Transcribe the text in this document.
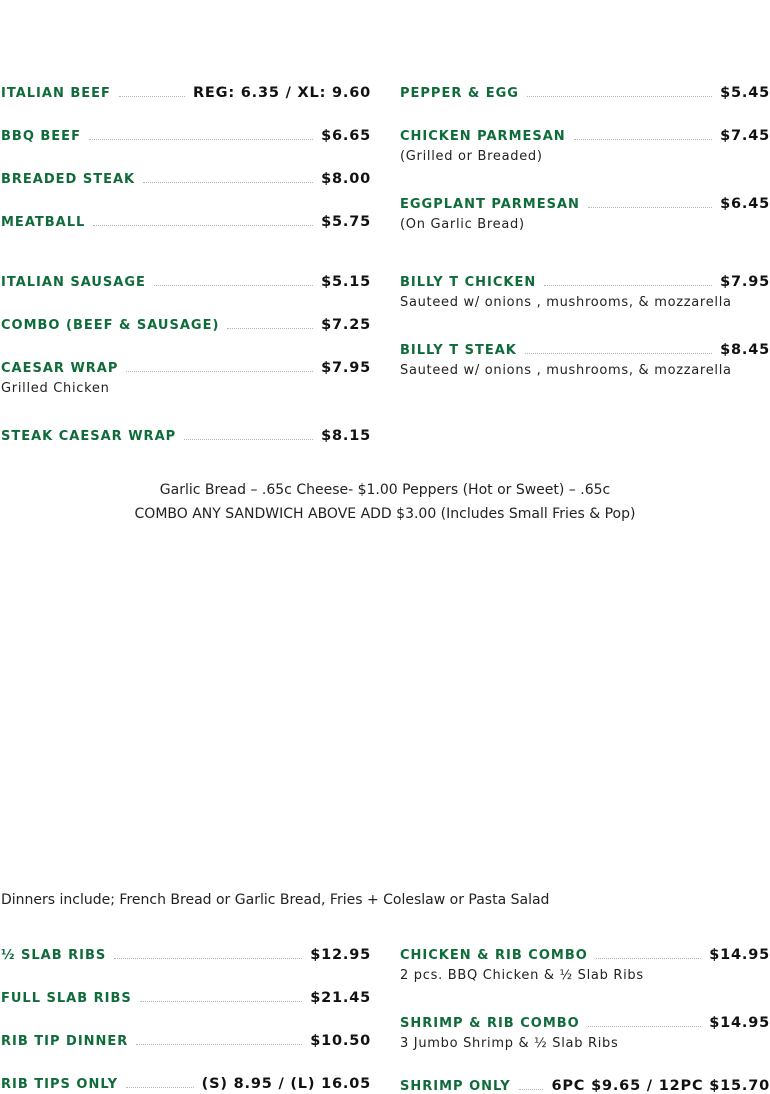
ITALIAN BEEF	REG: 6.35 / XL: 9.60
BBQ BEEF	$6.65
BREADED STEAK	$8.00
MEATBALL	$5.75
ITALIAN SAUSAGE	$5.15
COMBO (BEEF & SAUSAGE)	$7.25
CAESAR WRAP	$7.95
Grilled Chicken
STEAK CAESAR WRAP	$8.15
PEPPER & EGG	$5.45
CHICKEN PARMESAN	$7.45
(Grilled or Breaded)
EGGPLANT PARMESAN	$6.45
(On Garlic Bread)
BILLY T CHICKEN	$7.95
Sauteed w/ onions , mushrooms, & mozzarella
BILLY T STEAK	$8.45
Sauteed w/ onions , mushrooms, & mozzarella
Garlic Bread – .65c Cheese- $1.00 Peppers (Hot or Sweet) – .65c
COMBO ANY SANDWICH ABOVE ADD $3.00 (Includes Small Fries & Pop)
Dinners include; French Bread or Garlic Bread, Fries + Coleslaw or Pasta Salad
½ SLAB RIBS	$12.95
FULL SLAB RIBS	$21.45
RIB TIP DINNER	$10.50
RIB TIPS ONLY	(S) 8.95 / (L) 16.05
CHICKEN & RIB COMBO	$14.95
2 pcs. BBQ Chicken & ½ Slab Ribs
SHRIMP & RIB COMBO	$14.95
3 Jumbo Shrimp & ½ Slab Ribs
SHRIMP ONLY	6PC $9.65 / 12PC $15.70
